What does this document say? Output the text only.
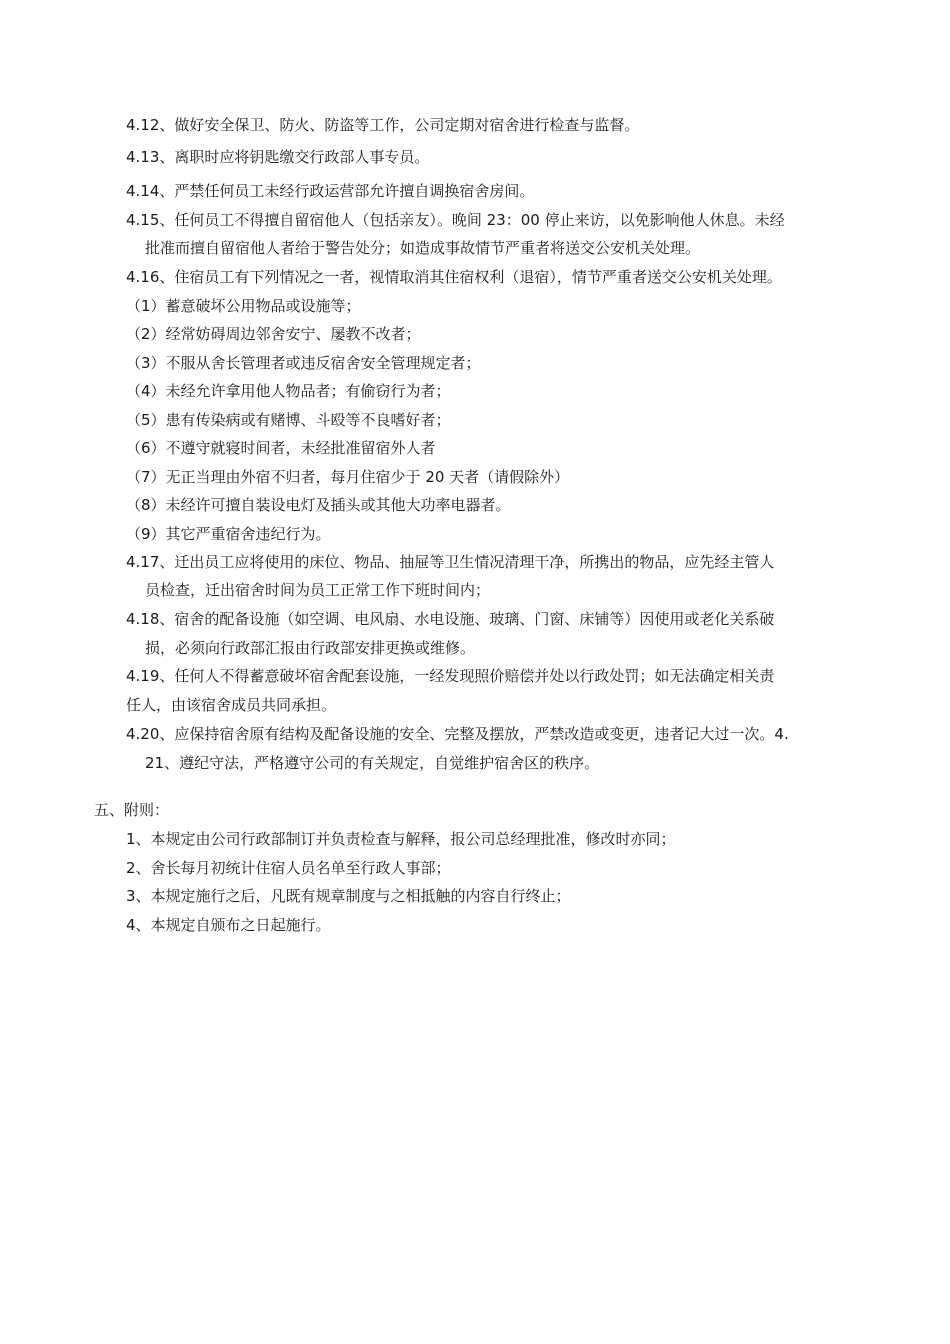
4.12、做好安全保卫、防火、防盗等工作，公司定期对宿舍进行检查与监督。
4.13、离职时应将钥匙缴交行政部人事专员。
4.14、严禁任何员工未经行政运营部允许擅自调换宿舍房间。
4.15、任何员工不得擅自留宿他人（包括亲友）。晚间 23：00 停止来访，以免影响他人休息。未经
批准而擅自留宿他人者给于警告处分；如造成事故情节严重者将送交公安机关处理。
4.16、住宿员工有下列情况之一者，视情取消其住宿权利（退宿），情节严重者送交公安机关处理。
（1）蓄意破坏公用物品或设施等；
（2）经常妨碍周边邻舍安宁、屡教不改者；
（3）不服从舍长管理者或违反宿舍安全管理规定者；
（4）未经允许拿用他人物品者；有偷窃行为者；
（5）患有传染病或有赌博、斗殴等不良嗜好者；
（6）不遵守就寝时间者，未经批准留宿外人者
（7）无正当理由外宿不归者，每月住宿少于 20 天者（请假除外）
（8）未经许可擅自装设电灯及插头或其他大功率电器者。
（9）其它严重宿舍违纪行为。
4.17、迁出员工应将使用的床位、物品、抽屉等卫生情况清理干净，所携出的物品，应先经主管人
员检查，迁出宿舍时间为员工正常工作下班时间内；
4.18、宿舍的配备设施（如空调、电风扇、水电设施、玻璃、门窗、床铺等）因使用或老化关系破
损，必须向行政部汇报由行政部安排更换或维修。
4.19、任何人不得蓄意破坏宿舍配套设施，一经发现照价赔偿并处以行政处罚；如无法确定相关责
任人，由该宿舍成员共同承担。
4.20、应保持宿舍原有结构及配备设施的安全、完整及摆放，严禁改造或变更，违者记大过一次。4.
21、遵纪守法，严格遵守公司的有关规定，自觉维护宿舍区的秩序。
五、附则：
1、本规定由公司行政部制订并负责检查与解释，报公司总经理批准，修改时亦同；
2、舍长每月初统计住宿人员名单至行政人事部；
3、本规定施行之后，凡既有规章制度与之相抵触的内容自行终止；
4、本规定自颁布之日起施行。
